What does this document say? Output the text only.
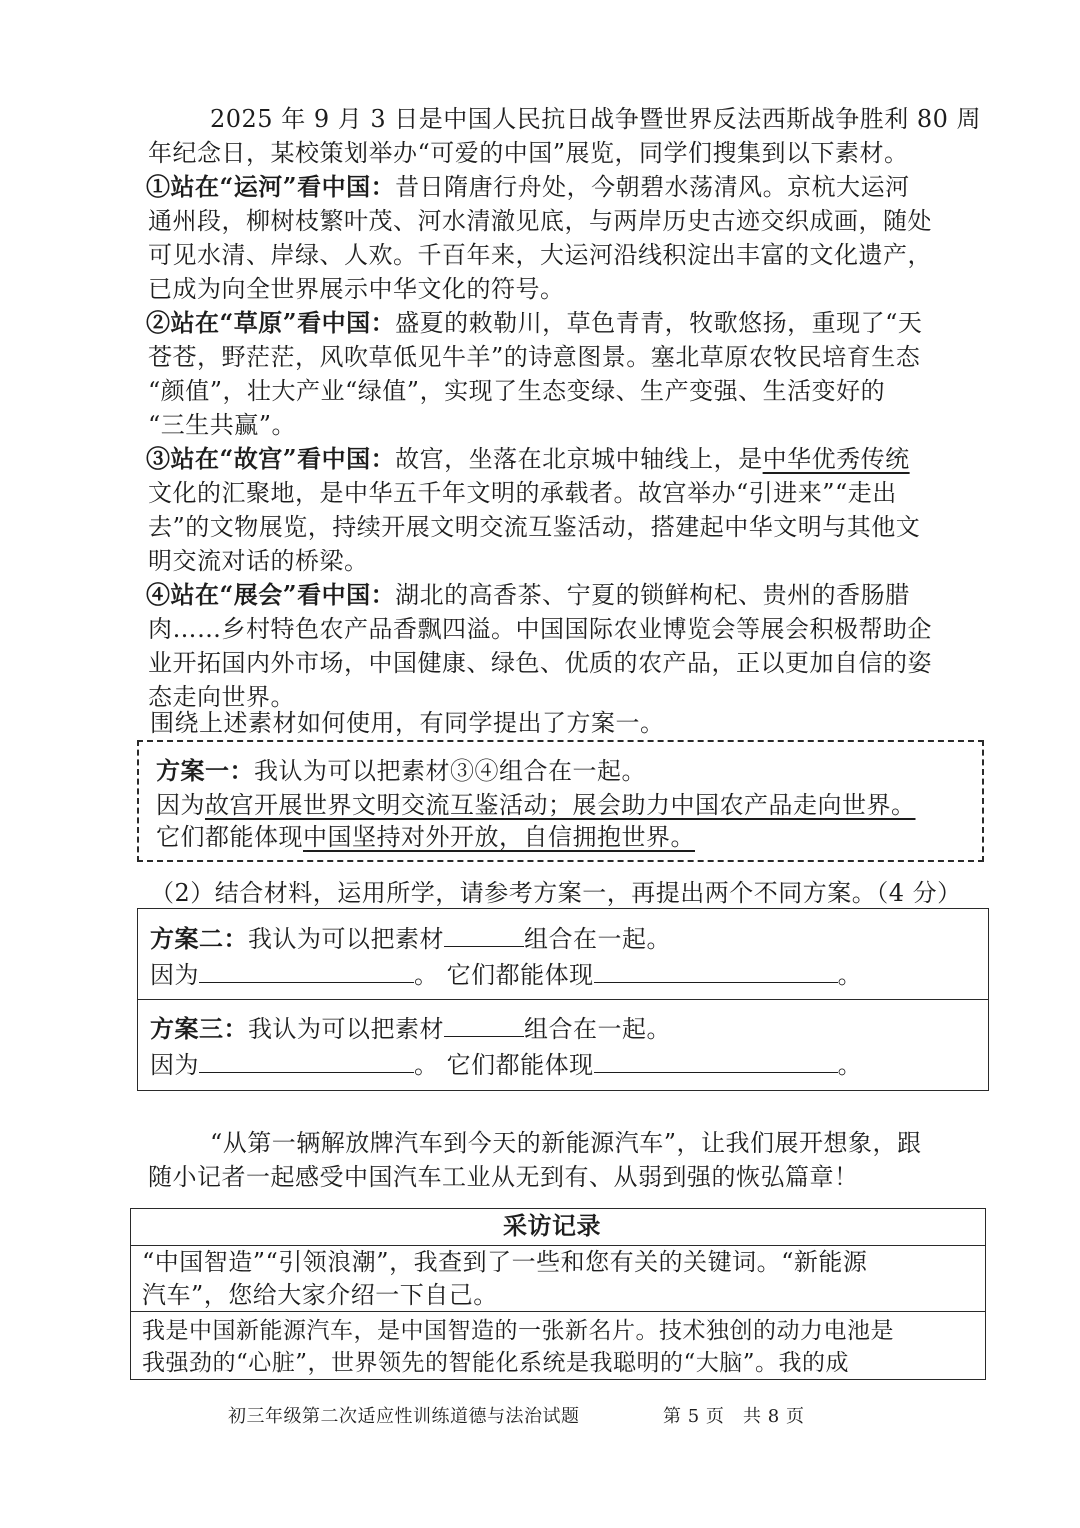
2025 年 9 月 3 日是中国人民抗日战争暨世界反法西斯战争胜利 80 周
年纪念日，某校策划举办“可爱的中国”展览，同学们搜集到以下素材。
①站在“运河”看中国：昔日隋唐行舟处，今朝碧水荡清风。京杭大运河
通州段，柳树枝繁叶茂、河水清澈见底，与两岸历史古迹交织成画，随处
可见水清、岸绿、人欢。千百年来，大运河沿线积淀出丰富的文化遗产，
已成为向全世界展示中华文化的符号。
②站在“草原”看中国：盛夏的敕勒川，草色青青，牧歌悠扬，重现了“天
苍苍，野茫茫，风吹草低见牛羊”的诗意图景。塞北草原农牧民培育生态
“颜值”，壮大产业“绿值”，实现了生态变绿、生产变强、生活变好的
“三生共赢”。
③站在“故宫”看中国：故宫，坐落在北京城中轴线上，是中华优秀传统
文化的汇聚地，是中华五千年文明的承载者。故宫举办“引进来”“走出
去”的文物展览，持续开展文明交流互鉴活动，搭建起中华文明与其他文
明交流对话的桥梁。
④站在“展会”看中国：湖北的高香茶、宁夏的锁鲜枸杞、贵州的香肠腊
肉……乡村特色农产品香飘四溢。中国国际农业博览会等展会积极帮助企
业开拓国内外市场，中国健康、绿色、优质的农产品，正以更加自信的姿
态走向世界。
围绕上述素材如何使用，有同学提出了方案一。
方案一：我认为可以把素材③④组合在一起。
因为故宫开展世界文明交流互鉴活动；展会助力中国农产品走向世界。
它们都能体现中国坚持对外开放，自信拥抱世界。
（2）结合材料，运用所学，请参考方案一，再提出两个不同方案。（4 分）
方案二：我认为可以把素材	组合在一起。
因为	。 它们都能体现	。
方案三：我认为可以把素材	组合在一起。
因为	。 它们都能体现	。
“从第一辆解放牌汽车到今天的新能源汽车”，让我们展开想象，跟
随小记者一起感受中国汽车工业从无到有、从弱到强的恢弘篇章！
采访记录
“中国智造”“引领浪潮”，我查到了一些和您有关的关键词。“新能源
汽车”，您给大家介绍一下自己。
我是中国新能源汽车，是中国智造的一张新名片。技术独创的动力电池是
我强劲的“心脏”，世界领先的智能化系统是我聪明的“大脑”。我的成
初三年级第二次适应性训练道德与法治试题	第 5 页   共 8 页
